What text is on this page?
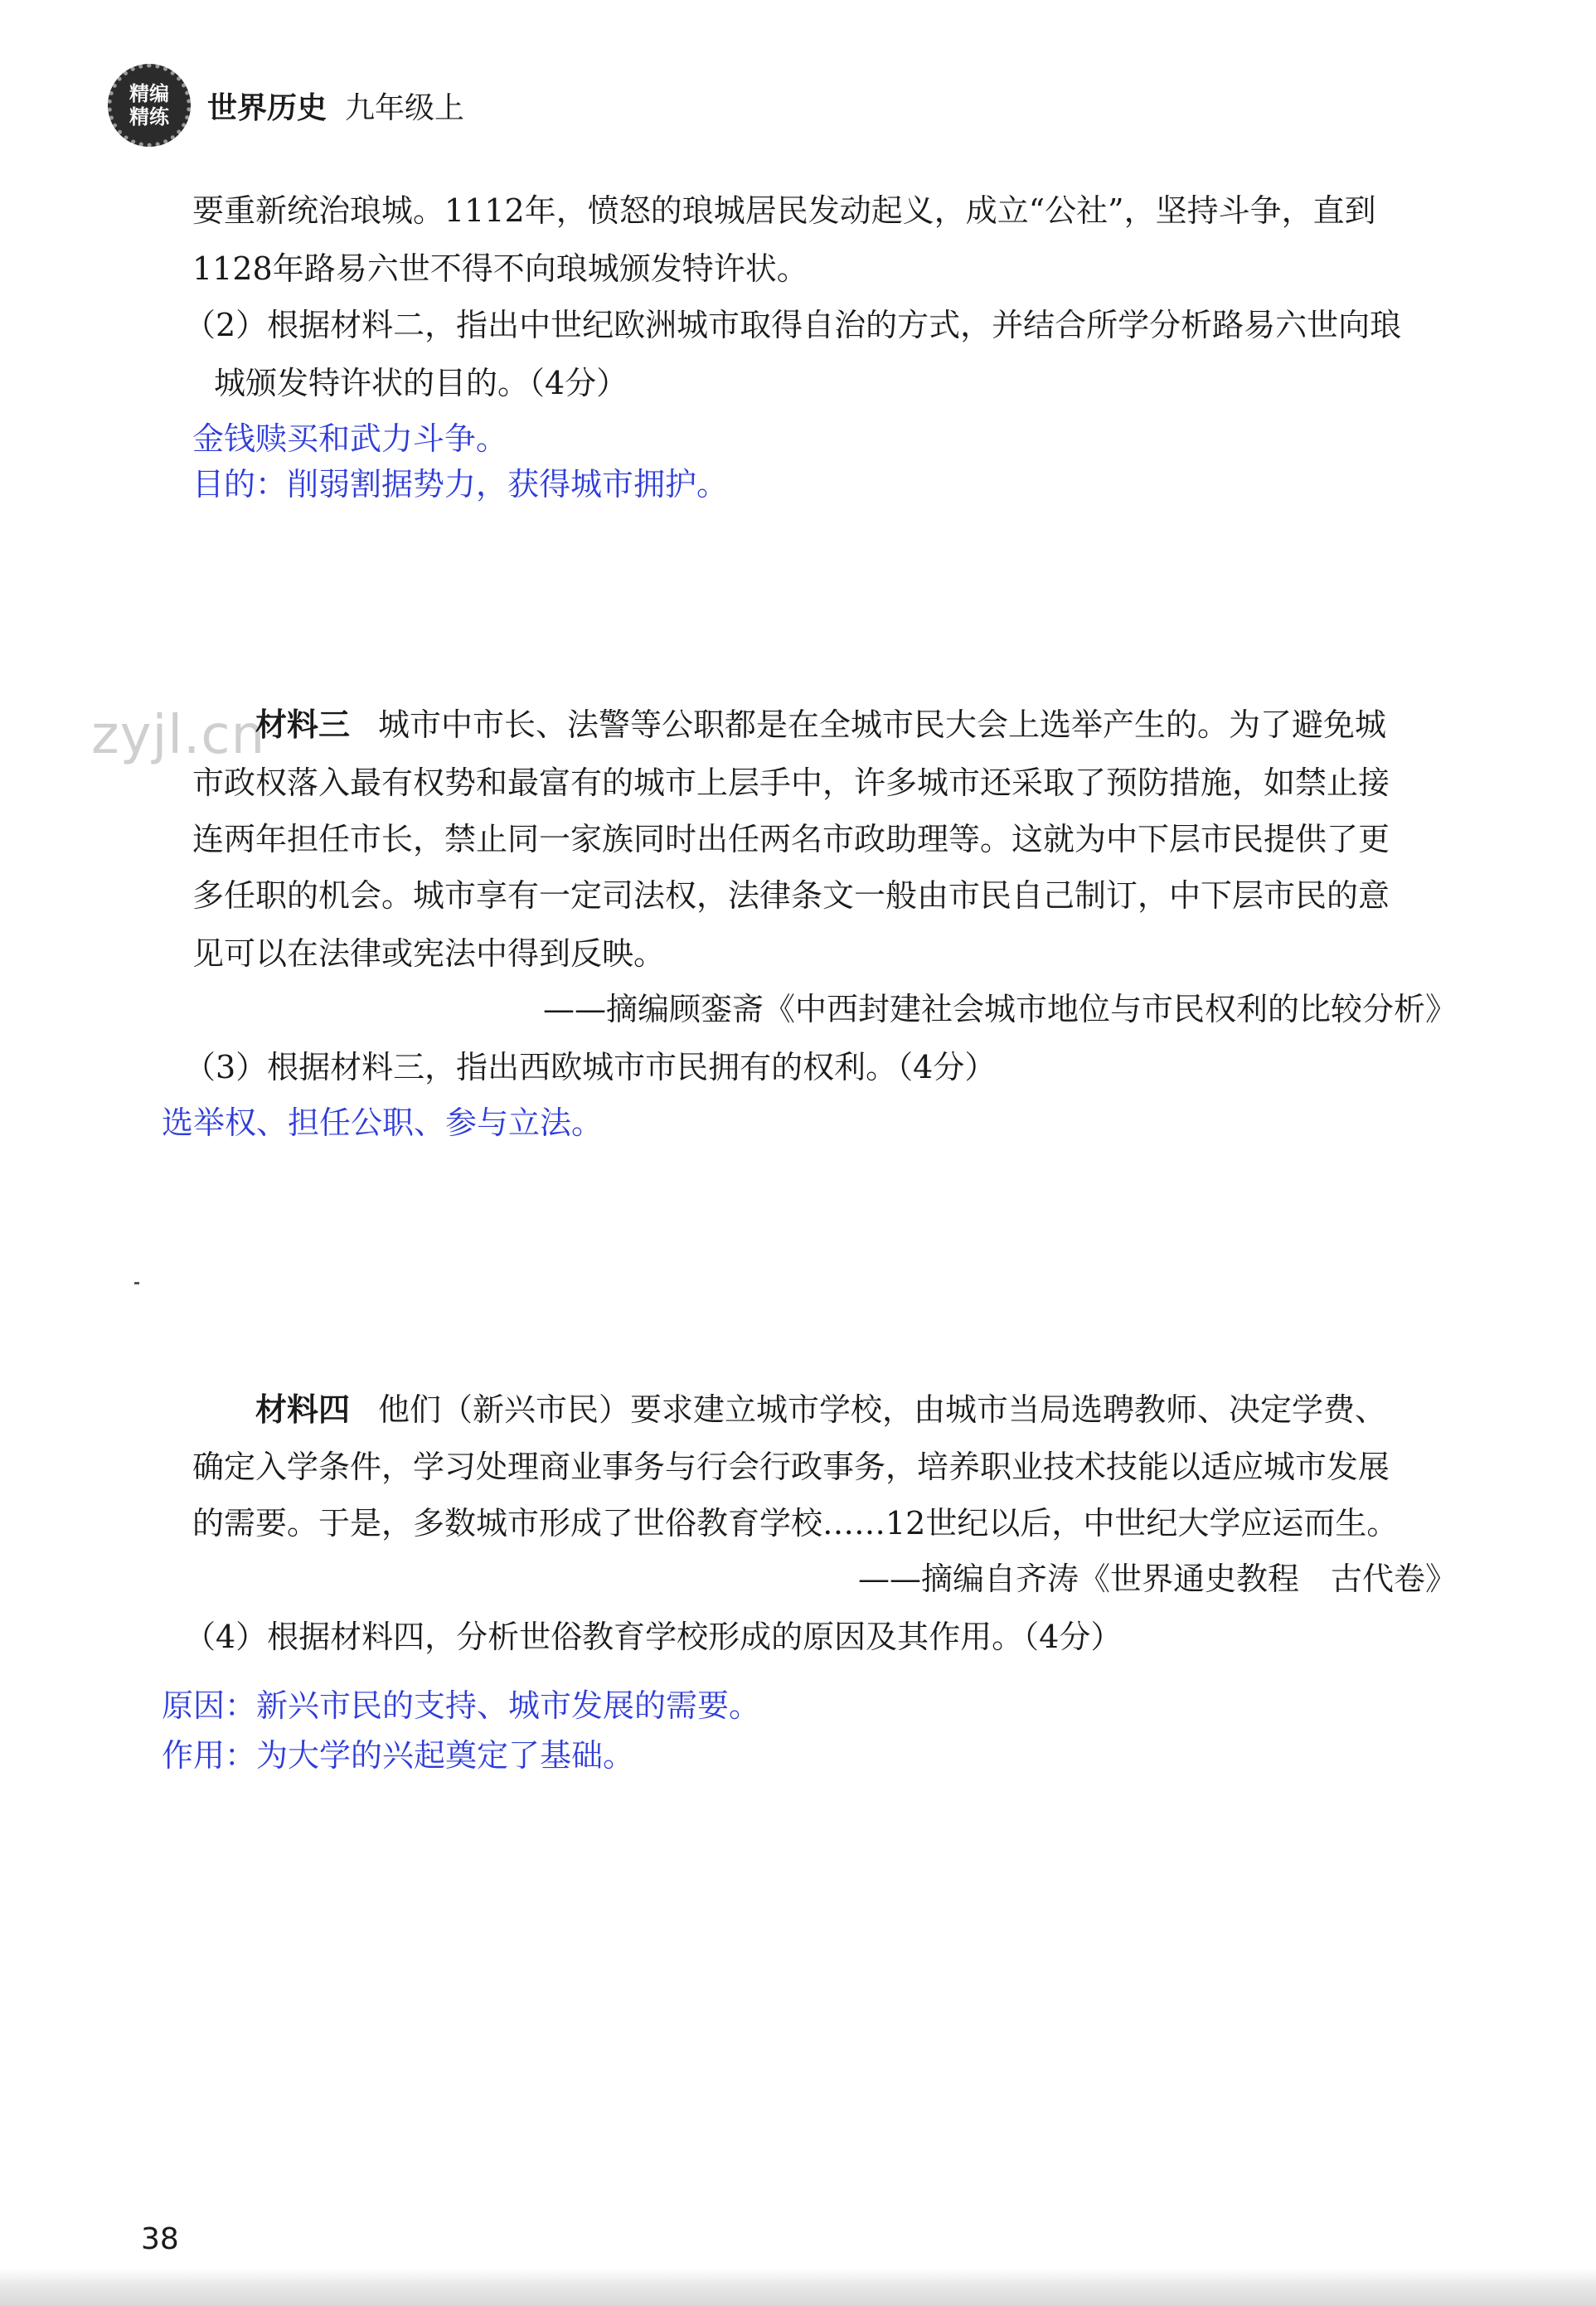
精编
精练 世界历史 九年级上
zyjl.cn
要重新统治琅城。1112年，愤怒的琅城居民发动起义，成立“公社”，坚持斗争，直到
1128年路易六世不得不向琅城颁发特许状。
（2）根据材料二，指出中世纪欧洲城市取得自治的方式，并结合所学分析路易六世向琅
城颁发特许状的目的。（4分）
金钱赎买和武力斗争。
目的：削弱割据势力，获得城市拥护。
材料三 城市中市长、法警等公职都是在全城市民大会上选举产生的。为了避免城
市政权落入最有权势和最富有的城市上层手中，许多城市还采取了预防措施，如禁止接
连两年担任市长，禁止同一家族同时出任两名市政助理等。这就为中下层市民提供了更
多任职的机会。城市享有一定司法权，法律条文一般由市民自己制订，中下层市民的意
见可以在法律或宪法中得到反映。
——摘编顾銮斋《中西封建社会城市地位与市民权利的比较分析》
（3）根据材料三，指出西欧城市市民拥有的权利。（4分）
选举权、担任公职、参与立法。
材料四 他们（新兴市民）要求建立城市学校，由城市当局选聘教师、决定学费、
确定入学条件，学习处理商业事务与行会行政事务，培养职业技术技能以适应城市发展
的需要。于是，多数城市形成了世俗教育学校……12世纪以后，中世纪大学应运而生。
——摘编自齐涛《世界通史教程　古代卷》
（4）根据材料四，分析世俗教育学校形成的原因及其作用。（4分）
原因：新兴市民的支持、城市发展的需要。
作用：为大学的兴起奠定了基础。
38
